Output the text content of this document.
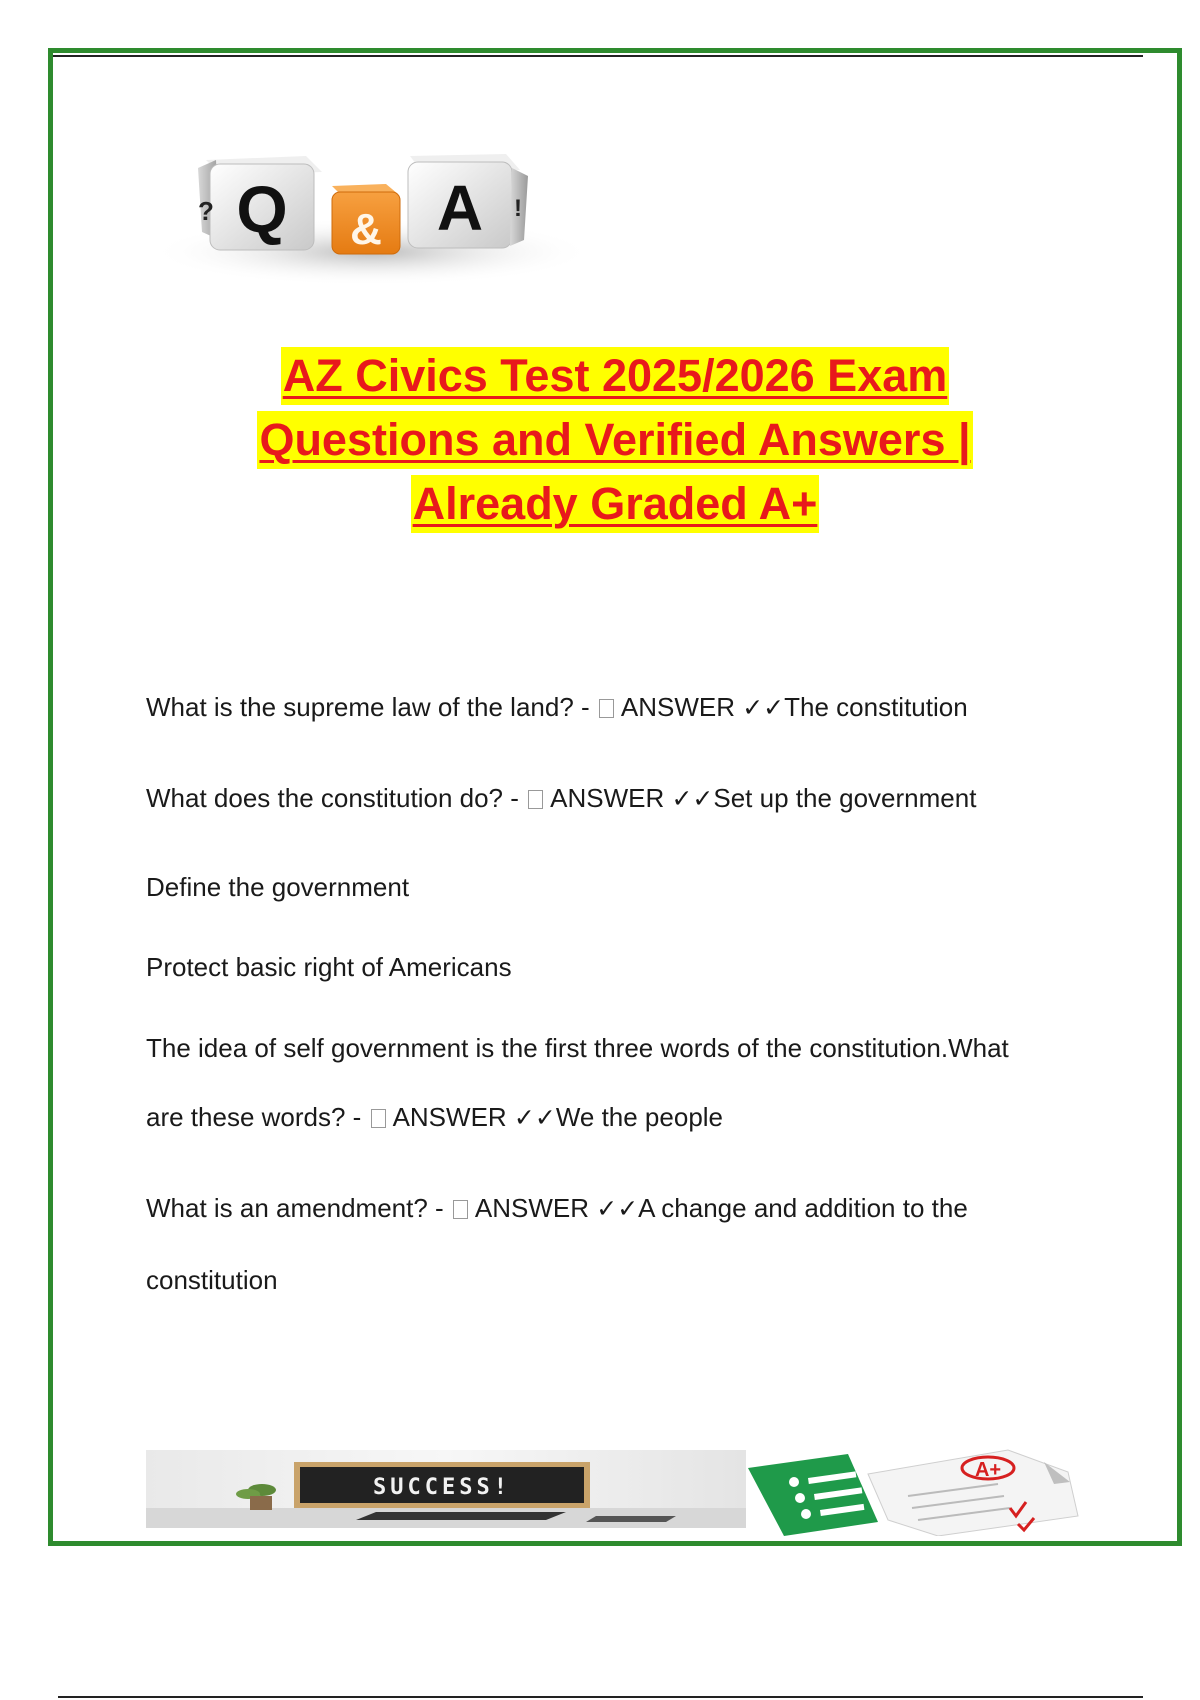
Q
?	& A !
AZ Civics Test 2025/2026 Exam
Questions and Verified Answers |
Already Graded A+
What is the supreme law of the land? - ANSWER ✓✓The constitution
What does the constitution do? - ANSWER ✓✓Set up the government
Define the government
Protect basic right of Americans
The idea of self government is the first three words of the constitution.What
are these words? - ANSWER ✓✓We the people
What is an amendment? - ANSWER ✓✓A change and addition to the
constitution
SUCCESS!
A+
